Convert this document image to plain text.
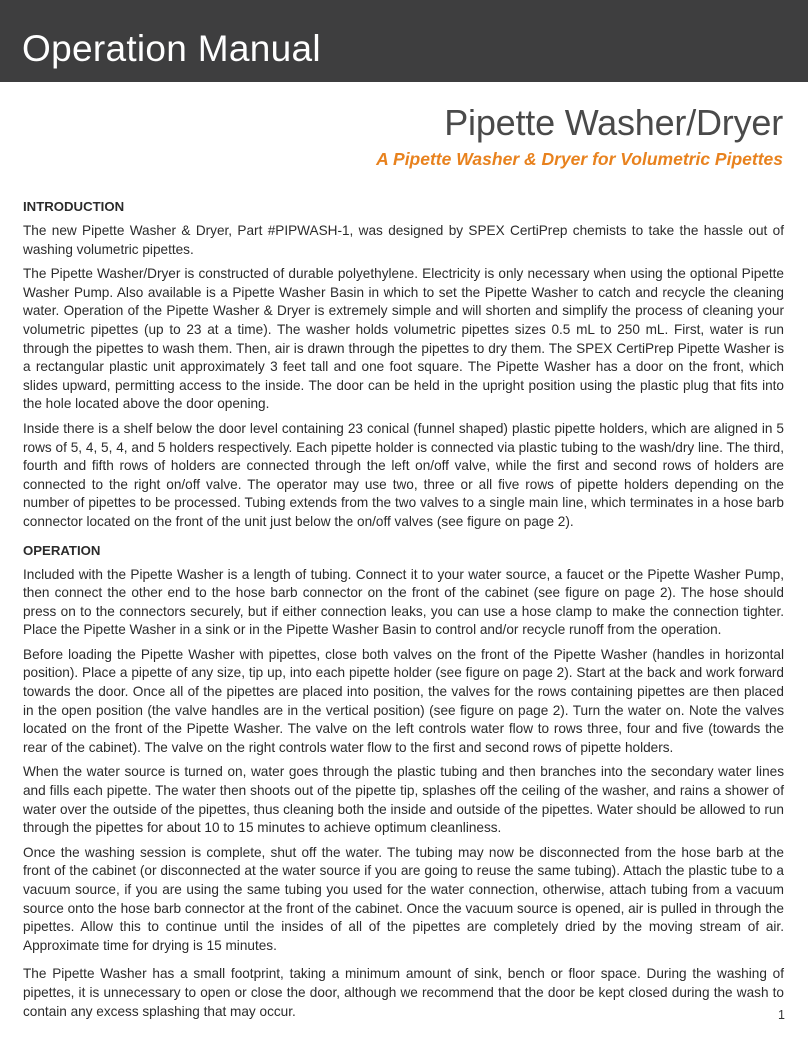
Operation Manual
Pipette Washer/Dryer
A Pipette Washer & Dryer for Volumetric Pipettes
INTRODUCTION

The new Pipette Washer & Dryer, Part #PIPWASH-1, was designed by SPEX CertiPrep chemists to take the hassle out of washing volumetric pipettes.

The Pipette Washer/Dryer is constructed of durable polyethylene. Electricity is only necessary when using the optional Pipette Washer Pump. Also available is a Pipette Washer Basin in which to set the Pipette Washer to catch and recycle the cleaning water. Operation of the Pipette Washer & Dryer is extremely simple and will shorten and simplify the process of cleaning your volumetric pipettes (up to 23 at a time). The washer holds volumetric pipettes sizes 0.5 mL to 250 mL. First, water is run through the pipettes to wash them. Then, air is drawn through the pipettes to dry them. The SPEX CertiPrep Pipette Washer is a rectangular plastic unit approximately 3 feet tall and one foot square. The Pipette Washer has a door on the front, which slides upward, permitting access to the inside. The door can be held in the upright position using the plastic plug that fits into the hole located above the door opening.

Inside there is a shelf below the door level containing 23 conical (funnel shaped) plastic pipette holders, which are aligned in 5 rows of 5, 4, 5, 4, and 5 holders respectively. Each pipette holder is connected via plastic tubing to the wash/dry line. The third, fourth and fifth rows of holders are connected through the left on/off valve, while the first and second rows of holders are connected to the right on/off valve. The operator may use two, three or all five rows of pipette holders depending on the number of pipettes to be processed. Tubing extends from the two valves to a single main line, which terminates in a hose barb connector located on the front of the unit just below the on/off valves (see figure on page 2).

OPERATION

Included with the Pipette Washer is a length of tubing. Connect it to your water source, a faucet or the Pipette Washer Pump, then connect the other end to the hose barb connector on the front of the cabinet (see figure on page 2). The hose should press on to the connectors securely, but if either connection leaks, you can use a hose clamp to make the connection tighter. Place the Pipette Washer in a sink or in the Pipette Washer Basin to control and/or recycle runoff from the operation.

Before loading the Pipette Washer with pipettes, close both valves on the front of the Pipette Washer (handles in horizontal position). Place a pipette of any size, tip up, into each pipette holder (see figure on page 2). Start at the back and work forward towards the door. Once all of the pipettes are placed into position, the valves for the rows containing pipettes are then placed in the open position (the valve handles are in the vertical position) (see figure on page 2). Turn the water on. Note the valves located on the front of the Pipette Washer. The valve on the left controls water flow to rows three, four and five (towards the rear of the cabinet). The valve on the right controls water flow to the first and second rows of pipette holders.

When the water source is turned on, water goes through the plastic tubing and then branches into the secondary water lines and fills each pipette. The water then shoots out of the pipette tip, splashes off the ceiling of the washer, and rains a shower of water over the outside of the pipettes, thus cleaning both the inside and outside of the pipettes. Water should be allowed to run through the pipettes for about 10 to 15 minutes to achieve optimum cleanliness.

Once the washing session is complete, shut off the water. The tubing may now be disconnected from the hose barb at the front of the cabinet (or disconnected at the water source if you are going to reuse the same tubing). Attach the plastic tube to a vacuum source, if you are using the same tubing you used for the water connection, otherwise, attach tubing from a vacuum source onto the hose barb connector at the front of the cabinet. Once the vacuum source is opened, air is pulled in through the pipettes. Allow this to continue until the insides of all of the pipettes are completely dried by the moving stream of air. Approximate time for drying is 15 minutes.

The Pipette Washer has a small footprint, taking a minimum amount of sink, bench or floor space. During the washing of pipettes, it is unnecessary to open or close the door, although we recommend that the door be kept closed during the wash to contain any excess splashing that may occur.	1
